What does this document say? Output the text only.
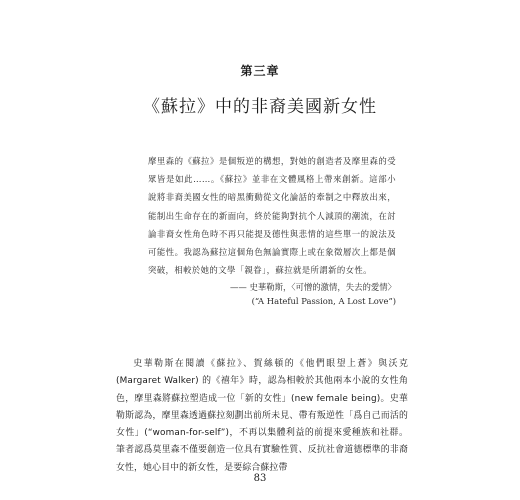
第三章
《蘇拉》中的非裔美國新女性
摩里森的《蘇拉》是個叛逆的構想，對她的創造者及摩里森的受眾皆是如此……。《蘇拉》並非在文體風格上帶來創新。這部小說將非裔美國女性的暗黑衝動從文化論話的牽制之中釋放出來，能制出生命存在的新面向，終於能夠對抗个人減頂的潮流，在討論非裔女性角色時不再只能提及德性與悲情的這些單一的說法及可能性。我認為蘇拉這個角色無論實際上或在象徵層次上都是個突破，相較於她的文學「親眷」，蘇拉就是所謂新的女性。
—— 史華勒斯，〈可憎的激情，失去的愛情〉
(“A Hateful Passion, A Lost Love”)
史華勒斯在閱讀《蘇拉》、賀絲頓的《他們眼望上蒼》與沃克(Margaret Walker) 的《禧年》時，認為相較於其他兩本小說的女性角色，摩里森將蘇拉塑造成一位「新的女性」(new female being)。史華勒斯認為，摩里森透過蘇拉刻劃出前所未見、帶有叛逆性「爲自己而活的女性」(“woman-for-self”)，不再以集體利益的前提來愛種族和社群。筆者認爲莫里森不僅要創造一位具有實驗性質、反抗社會道德標準的非裔女性，她心目中的新女性，是要綜合蘇拉帶
83
